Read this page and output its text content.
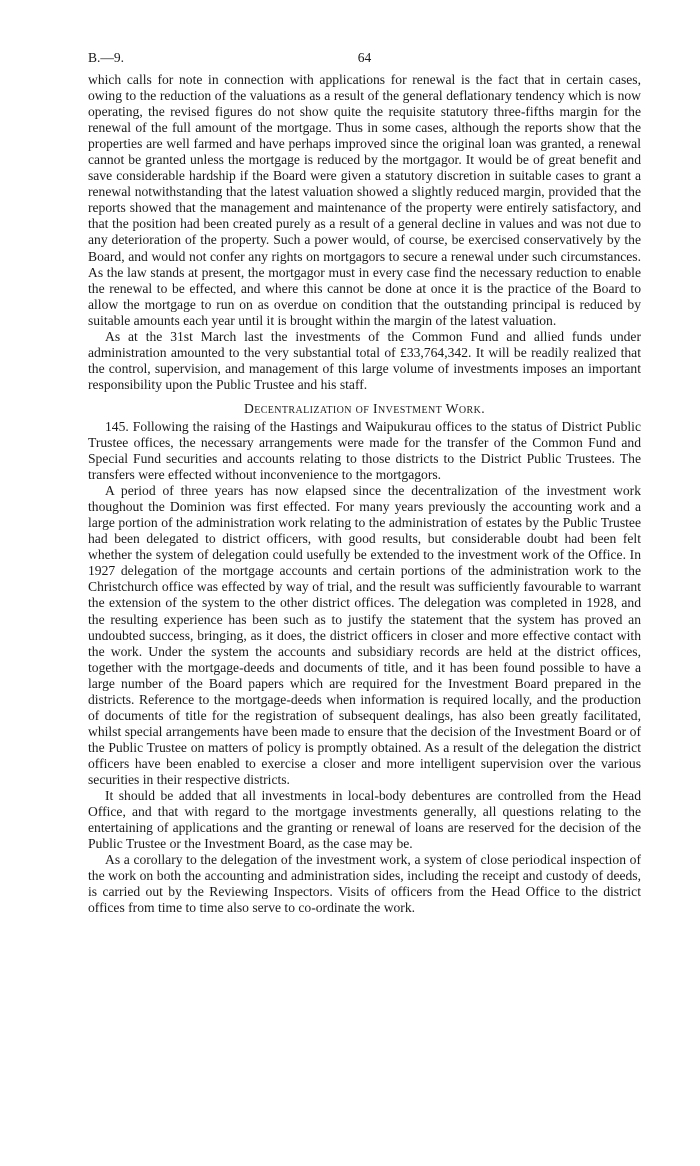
B.—9.	64

which calls for note in connection with applications for renewal is the fact that in certain cases, owing to the reduction of the valuations as a result of the general deflationary tendency which is now operating, the revised figures do not show quite the requisite statutory three-fifths margin for the renewal of the full amount of the mortgage. Thus in some cases, although the reports show that the properties are well farmed and have perhaps improved since the original loan was granted, a renewal cannot be granted unless the mortgage is reduced by the mortgagor. It would be of great benefit and save considerable hardship if the Board were given a statutory discretion in suitable cases to grant a renewal notwithstanding that the latest valuation showed a slightly reduced margin, provided that the reports showed that the management and maintenance of the property were entirely satisfactory, and that the position had been created purely as a result of a general decline in values and was not due to any deterioration of the property. Such a power would, of course, be exercised conservatively by the Board, and would not confer any rights on mortgagors to secure a renewal under such circumstances. As the law stands at present, the mortgagor must in every case find the necessary reduction to enable the renewal to be effected, and where this cannot be done at once it is the practice of the Board to allow the mortgage to run on as overdue on condition that the outstanding principal is reduced by suitable amounts each year until it is brought within the margin of the latest valuation.

As at the 31st March last the investments of the Common Fund and allied funds under administration amounted to the very substantial total of £33,764,342. It will be readily realized that the control, supervision, and management of this large volume of investments imposes an important responsibility upon the Public Trustee and his staff.

Decentralization of Investment Work.

145. Following the raising of the Hastings and Waipukurau offices to the status of District Public Trustee offices, the necessary arrangements were made for the transfer of the Common Fund and Special Fund securities and accounts relating to those districts to the District Public Trustees. The transfers were effected without inconvenience to the mortgagors.

A period of three years has now elapsed since the decentralization of the investment work thoughout the Dominion was first effected. For many years previously the accounting work and a large portion of the administration work relating to the administration of estates by the Public Trustee had been delegated to district officers, with good results, but considerable doubt had been felt whether the system of delegation could usefully be extended to the investment work of the Office. In 1927 delegation of the mortgage accounts and certain portions of the administration work to the Christchurch office was effected by way of trial, and the result was sufficiently favourable to warrant the extension of the system to the other district offices. The delegation was completed in 1928, and the resulting experience has been such as to justify the statement that the system has proved an undoubted success, bringing, as it does, the district officers in closer and more effective contact with the work. Under the system the accounts and subsidiary records are held at the district offices, together with the mortgage-deeds and documents of title, and it has been found possible to have a large number of the Board papers which are required for the Investment Board prepared in the districts. Reference to the mortgage-deeds when information is required locally, and the production of documents of title for the registration of subsequent dealings, has also been greatly facilitated, whilst special arrangements have been made to ensure that the decision of the Investment Board or of the Public Trustee on matters of policy is promptly obtained. As a result of the delegation the district officers have been enabled to exercise a closer and more intelligent supervision over the various securities in their respective districts.

It should be added that all investments in local-body debentures are controlled from the Head Office, and that with regard to the mortgage investments generally, all questions relating to the entertaining of applications and the granting or renewal of loans are reserved for the decision of the Public Trustee or the Investment Board, as the case may be.

As a corollary to the delegation of the investment work, a system of close periodical inspection of the work on both the accounting and administration sides, including the receipt and custody of deeds, is carried out by the Reviewing Inspectors. Visits of officers from the Head Office to the district offices from time to time also serve to co-ordinate the work.
